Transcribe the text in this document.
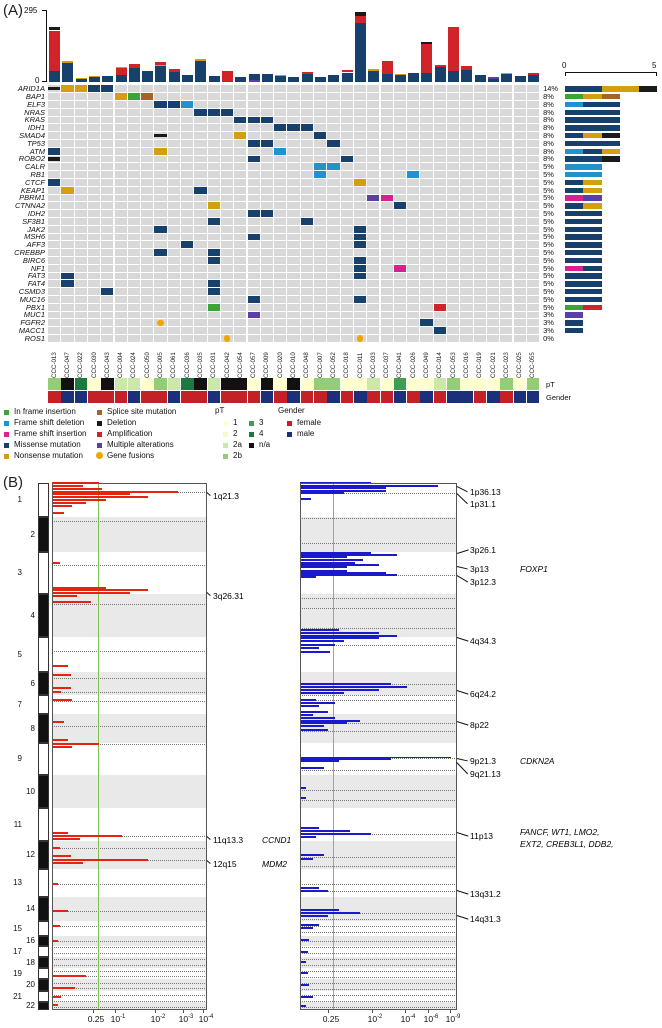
(A)
(B)
295
0
0	5
pT
Gender
pT	Gender
ARID1A	14%
BAP1	8%
ELF3	8%
NRAS	8%
KRAS	8%
IDH1	8%
SMAD4	8%
TP53	8%
ATM	8%
ROBO2	8%
CALR	5%
RB1	5%
CTCF	5%
KEAP1	5%
PBRM1	5%
CTNNA2	5%
IDH2	5%
SF3B1	5%
JAK2	5%
MSH6	5%
AFF3	5%
CREBBP	5%
BIRC6	5%
NF1	5%
FAT3	5%
FAT4	5%
CSMD3	5%
MUC16	5%
PBX1	5%
MUC1	3%
FGFR2	3%
MACC1	3%
ROS1	0%
CCC-013 CCC-047 CCC-022 CCC-030 CCC-043 CCC-004 CCC-024 CCC-050 CCC-005 CCC-061 CCC-036 CCC-035 CCC-031 CCC-042 CCC-054 CCC-057 CCC-009 CCC-020 CCC-010 CCC-048 CCC-007 CCC-052 CCC-018 CCC-011 CCC-033 CCC-037 CCC-041 CCC-026 CCC-049 CCC-014 CCC-053 CCC-016 CCC-019 CCC-021 CCC-023 CCC-025 CCC-055
In frame insertion
Frame shift deletion
Frame shift insertion
Missense mutation
Nonsense mutation
Splice site mutation
Deletion
Amplification
Multiple alterations
Gene fusions
1
2
2a
2b
3
4
n/a
female
male
1
2
3
4
5
6
7
8
9
10
11
12
13
14
15
16
17
18
19
20
21
22
0.25 $10^{-1}$	$10^{-2}$	$10^{-3}$ $10^{-4}$
1q21.3
3q26.31
11q13.3 CCND1
12q15	MDM2
0.25	$10^{-2}$	$10^{-4}$ $10^{-6}$ $10^{-9}$
1p36.13
1p31.1
3p26.1
3p13	FOXP1
3p12.3
4q34.3
6q24.2
8p22
9p21.3	CDKN2A
9q21.13
11p13	FANCF, WT1, LMO2,
EXT2, CREB3L1, DDB2,
13q31.2
14q31.3
